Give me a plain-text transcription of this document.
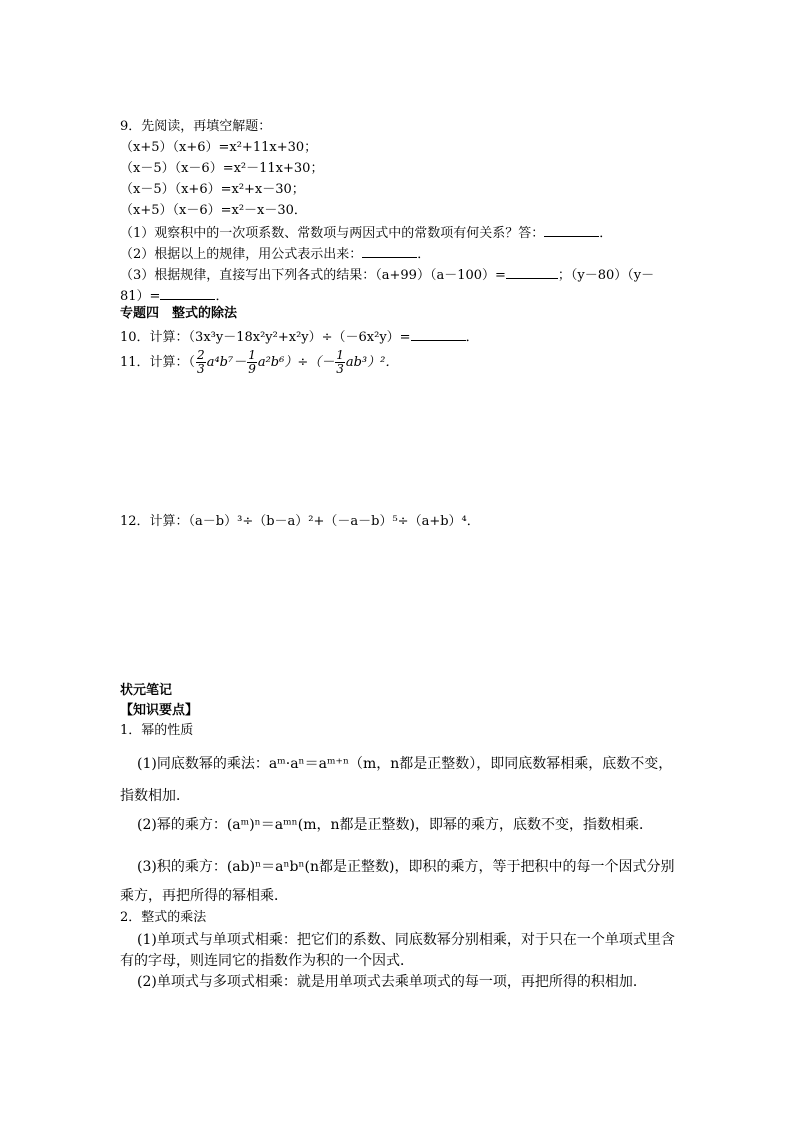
9．先阅读，再填空解题：
（x+5）（x+6）=x²+11x+30；
（x－5）（x－6）=x²－11x+30；
（x－5）（x+6）=x²+x－30；
（x+5）（x－6）=x²－x－30．
（1）观察积中的一次项系数、常数项与两因式中的常数项有何关系？答：	．
（2）根据以上的规律，用公式表示出来：	．
（3）根据规律，直接写出下列各式的结果：（a+99）（a－100）=	；（y－80）（y－
81）=	．
专题四　整式的除法
10．计算：（3x³y－18x²y²+x²y）÷（－6x²y）=	．
11．计算：（ $\frac{2}{3} a^4b^7- \frac{1}{9} a^2b^6)\div(- \frac{1}{3} ab^3)^2$．
12．计算：（a－b）³÷（b－a）²+（－a－b）⁵÷（a+b）⁴．
状元笔记
【知识要点】
1．幂的性质
(1)同底数幂的乘法：aᵐ·aⁿ＝aᵐ⁺ⁿ（m，n都是正整数），即同底数幂相乘，底数不变，
指数相加．
(2)幂的乘方：(aᵐ)ⁿ＝aᵐⁿ(m，n都是正整数)，即幂的乘方，底数不变，指数相乘．
(3)积的乘方：(ab)ⁿ＝aⁿbⁿ(n都是正整数)，即积的乘方，等于把积中的每一个因式分别
乘方，再把所得的幂相乘．
2．整式的乘法
(1)单项式与单项式相乘：把它们的系数、同底数幂分别相乘，对于只在一个单项式里含
有的字母，则连同它的指数作为积的一个因式．
(2)单项式与多项式相乘：就是用单项式去乘单项式的每一项，再把所得的积相加．
